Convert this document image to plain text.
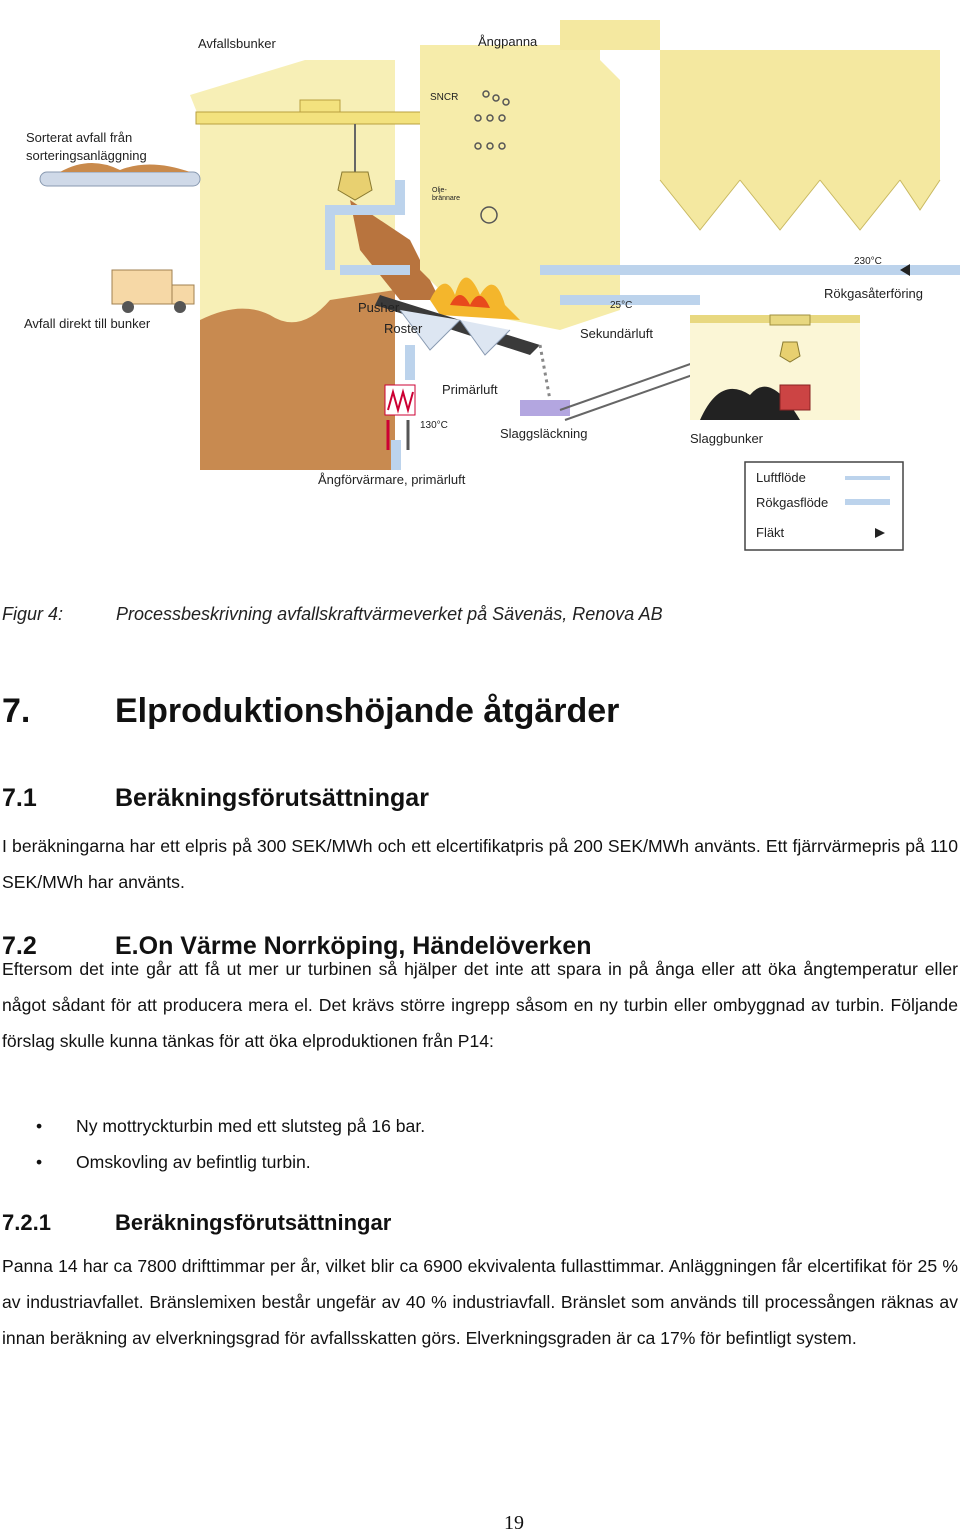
Avfallsbunker	Ångpanna
Sorterat avfall från
sorteringsanläggning
SNCR
Olje-
brännare
230°C
Rökgasåterföring
Avfall direkt till bunker
Pusher
Roster
25°C
Sekundärluft
Primärluft
130°C
Slaggsläckning	Slaggbunker
Ångförvärmare, primärluft	Luftflöde
Rökgasflöde
Fläkt
Figur 4:	Processbeskrivning avfallskraftvärmeverket på Sävenäs, Renova AB
7. Elproduktionshöjande åtgärder
7.1	Beräkningsförutsättningar
I beräkningarna har ett elpris på 300 SEK/MWh och ett elcertifikatpris på 200 SEK/MWh använts. Ett fjärrvärmepris på 110 SEK/MWh har använts.
7.2	E.On Värme Norrköping, Händelöverken
Eftersom det inte går att få ut mer ur turbinen så hjälper det inte att spara in på ånga eller att öka ångtemperatur eller något sådant för att producera mera el. Det krävs större ingrepp såsom en ny turbin eller ombyggnad av turbin. Följande förslag skulle kunna tänkas för att öka elproduktionen från P14:
• Ny mottryckturbin med ett slutsteg på 16 bar.
• Omskovling av befintlig turbin.
7.2.1	Beräkningsförutsättningar
Panna 14 har ca 7800 drifttimmar per år, vilket blir ca 6900 ekvivalenta fullasttimmar. Anläggningen får elcertifikat för 25 % av industriavfallet. Bränslemixen består ungefär av 40 % industriavfall. Bränslet som används till processången räknas av innan beräkning av elverkningsgrad för avfallsskatten görs. Elverkningsgraden är ca 17% för befintligt system.
19
